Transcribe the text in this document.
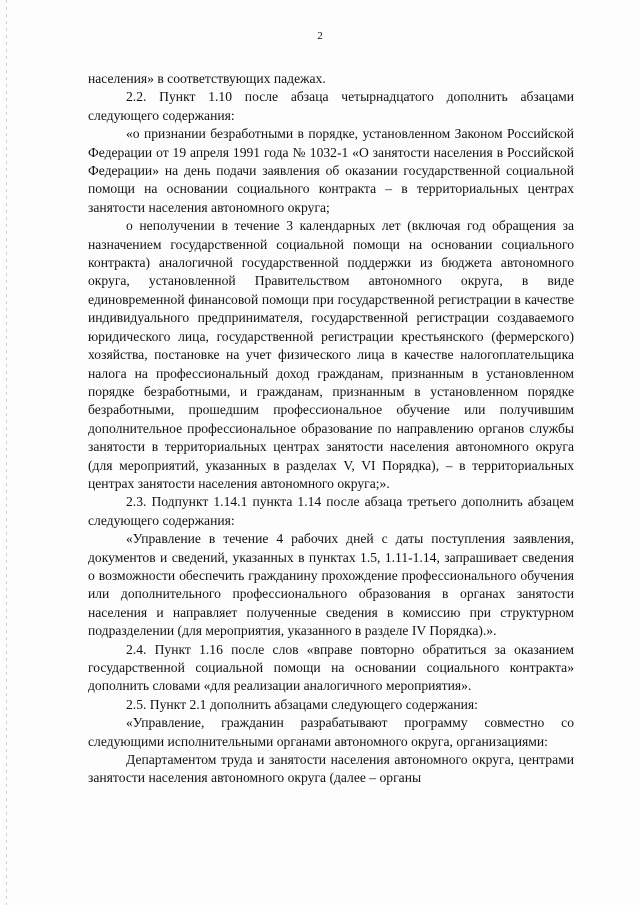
2

населения» в соответствующих падежах.

2.2. Пункт 1.10 после абзаца четырнадцатого дополнить абзацами следующего содержания:

«о признании безработными в порядке, установленном Законом Российской Федерации от 19 апреля 1991 года № 1032-1 «О занятости населения в Российской Федерации» на день подачи заявления об оказании государственной социальной помощи на основании социального контракта – в территориальных центрах занятости населения автономного округа;

о неполучении в течение 3 календарных лет (включая год обращения за назначением государственной социальной помощи на основании социального контракта) аналогичной государственной поддержки из бюджета автономного округа, установленной Правительством автономного округа, в виде единовременной финансовой помощи при государственной регистрации в качестве индивидуального предпринимателя, государственной регистрации создаваемого юридического лица, государственной регистрации крестьянского (фермерского) хозяйства, постановке на учет физического лица в качестве налогоплательщика налога на профессиональный доход гражданам, признанным в установленном порядке безработными, и гражданам, признанным в установленном порядке безработными, прошедшим профессиональное обучение или получившим дополнительное профессиональное образование по направлению органов службы занятости в территориальных центрах занятости населения автономного округа (для мероприятий, указанных в разделах V, VI Порядка), – в территориальных центрах занятости населения автономного округа;».

2.3. Подпункт 1.14.1 пункта 1.14 после абзаца третьего дополнить абзацем следующего содержания:

«Управление в течение 4 рабочих дней с даты поступления заявления, документов и сведений, указанных в пунктах 1.5, 1.11-1.14, запрашивает сведения о возможности обеспечить гражданину прохождение профессионального обучения или дополнительного профессионального образования в органах занятости населения и направляет полученные сведения в комиссию при структурном подразделении (для мероприятия, указанного в разделе IV Порядка).».

2.4. Пункт 1.16 после слов «вправе повторно обратиться за оказанием государственной социальной помощи на основании социального контракта» дополнить словами «для реализации аналогичного мероприятия».

2.5. Пункт 2.1 дополнить абзацами следующего содержания:

«Управление, гражданин разрабатывают программу совместно со следующими исполнительными органами автономного округа, организациями:

Департаментом труда и занятости населения автономного округа, центрами занятости населения автономного округа (далее – органы
